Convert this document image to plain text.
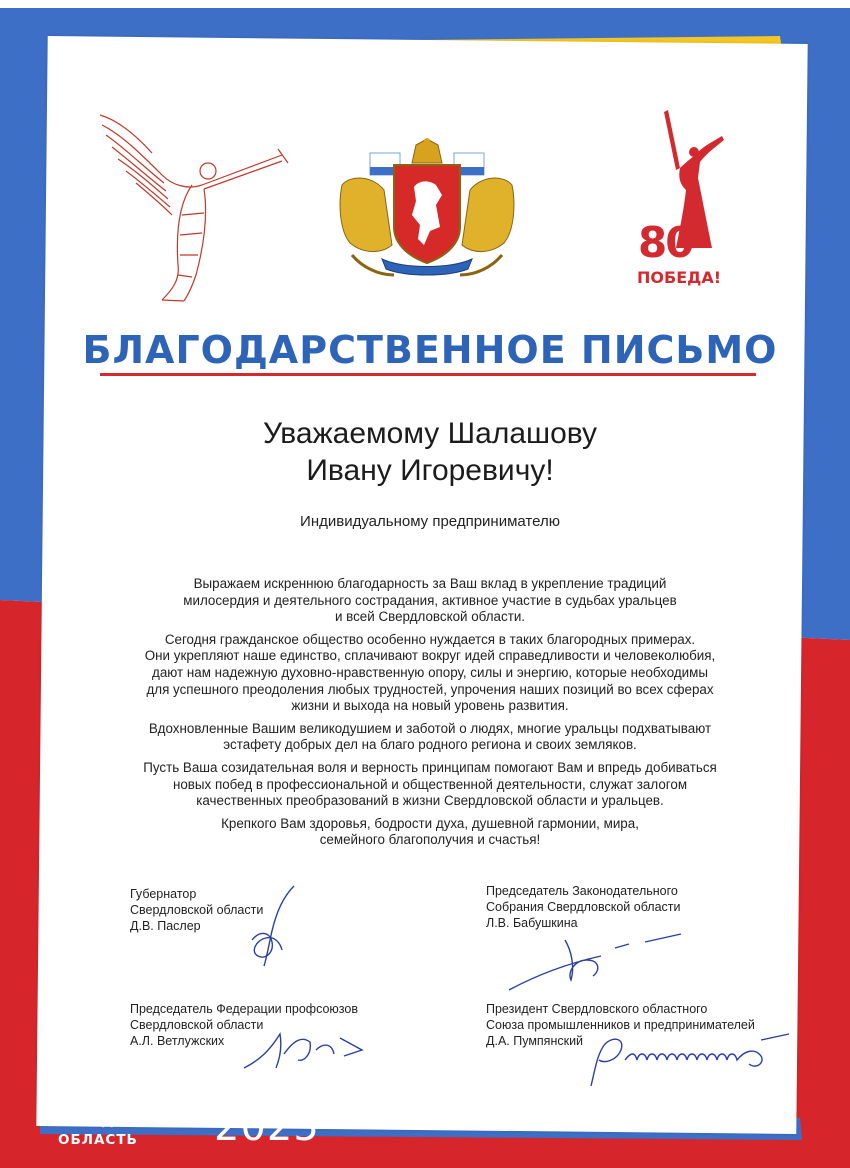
80
ПОБЕДА!
БЛАГОДАРСТВЕННОЕ ПИСЬМО
Уважаемому Шалашову
Ивану Игоревичу!
Индивидуальному предпринимателю

Выражаем искреннюю благодарность за Ваш вклад в укрепление традиций
милосердия и деятельного сострадания, активное участие в судьбах уральцев
и всей Свердловской области.

Сегодня гражданское общество особенно нуждается в таких благородных примерах.
Они укрепляют наше единство, сплачивают вокруг идей справедливости и человеколюбия,
дают нам надежную духовно-нравственную опору, силы и энергию, которые необходимы
для успешного преодоления любых трудностей, упрочения наших позиций во всех сферах
жизни и выхода на новый уровень развития.

Вдохновленные Вашим великодушием и заботой о людях, многие уральцы подхватывают
эстафету добрых дел на благо родного региона и своих земляков.

Пусть Ваша созидательная воля и верность принципам помогают Вам и впредь добиваться
новых побед в профессиональной и общественной деятельности, служат залогом
качественных преобразований в жизни Свердловской области и уральцев.

Крепкого Вам здоровья, бодрости духа, душевной гармонии, мира,
семейного благополучия и счастья!

Губернатор
Свердловской области
Д.В. Паслер
Председатель Законодательного
Собрания Свердловской области
Л.В. Бабушкина
Председатель Федерации профсоюзов
Свердловской области
А.Л. Ветлужских
Президент Свердловского областного
Союза промышленников и предпринимателей
Д.А. Пумпянский
СВЕРДЛОВСКАЯ
ОБЛАСТЬ	2025
